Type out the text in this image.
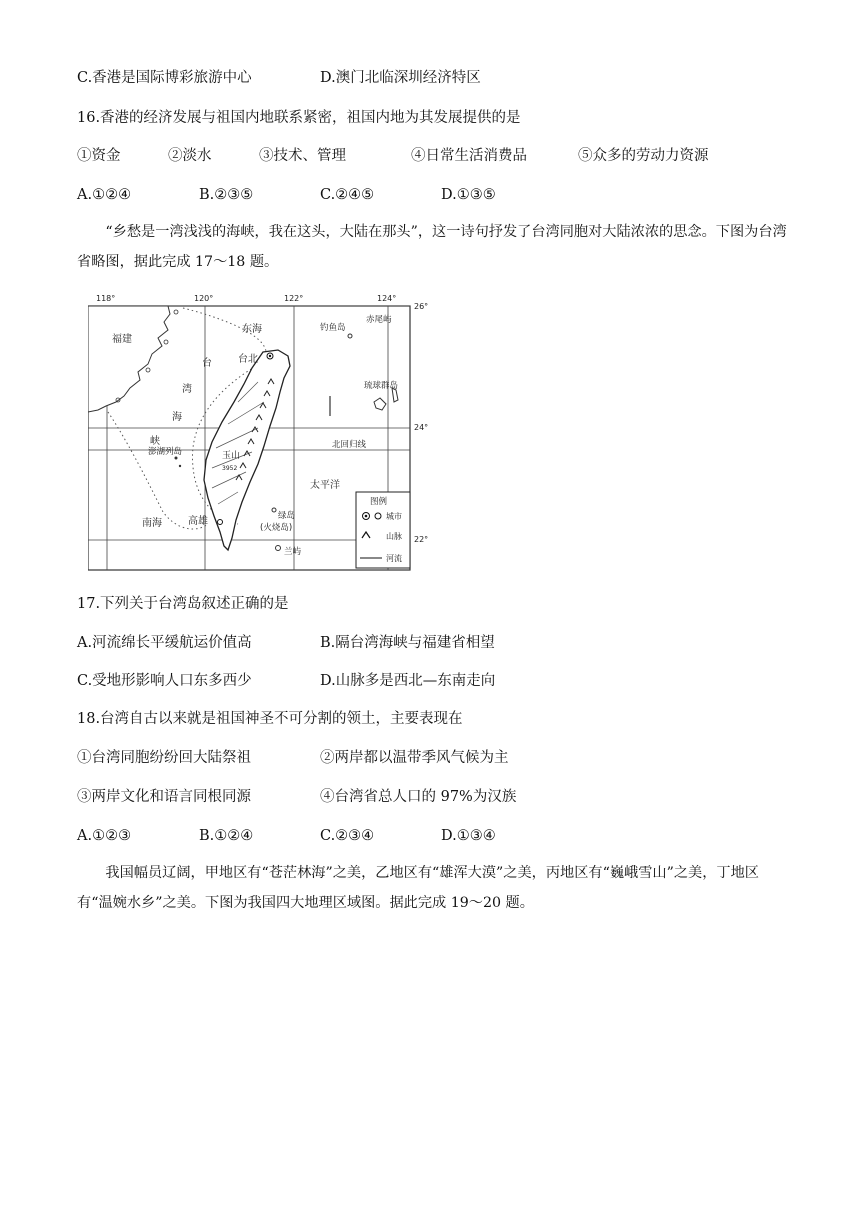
C.香港是国际博彩旅游中心	D.澳门北临深圳经济特区
16.香港的经济发展与祖国内地联系紧密，祖国内地为其发展提供的是
①资金	②淡水	③技术、管理	④日常生活消费品	⑤众多的劳动力资源
A.①②④	B.②③⑤	C.②④⑤	D.①③⑤
“乡愁是一湾浅浅的海峡，我在这头，大陆在那头”，这一诗句抒发了台湾同胞对大陆浓浓的思念。下图为台湾省略图，据此完成 17～18 题。
118°	120°	122°	124°
26°
24°
22°
福建
东海
台北
钓鱼岛
赤尾屿
台
湾
海
峡
澎湖列岛	玉山
3952
琉球群岛
北回归线
太平洋
南海	高雄	绿岛
(火烧岛)
兰屿
图例
城市
山脉
河流
17.下列关于台湾岛叙述正确的是
A.河流绵长平缓航运价值高	B.隔台湾海峡与福建省相望
C.受地形影响人口东多西少	D.山脉多是西北—东南走向
18.台湾自古以来就是祖国神圣不可分割的领土，主要表现在
①台湾同胞纷纷回大陆祭祖	②两岸都以温带季风气候为主
③两岸文化和语言同根同源	④台湾省总人口的 97%为汉族
A.①②③	B.①②④	C.②③④	D.①③④
我国幅员辽阔，甲地区有“苍茫林海”之美，乙地区有“雄浑大漠”之美，丙地区有“巍峨雪山”之美，丁地区有“温婉水乡”之美。下图为我国四大地理区域图。据此完成 19～20 题。
